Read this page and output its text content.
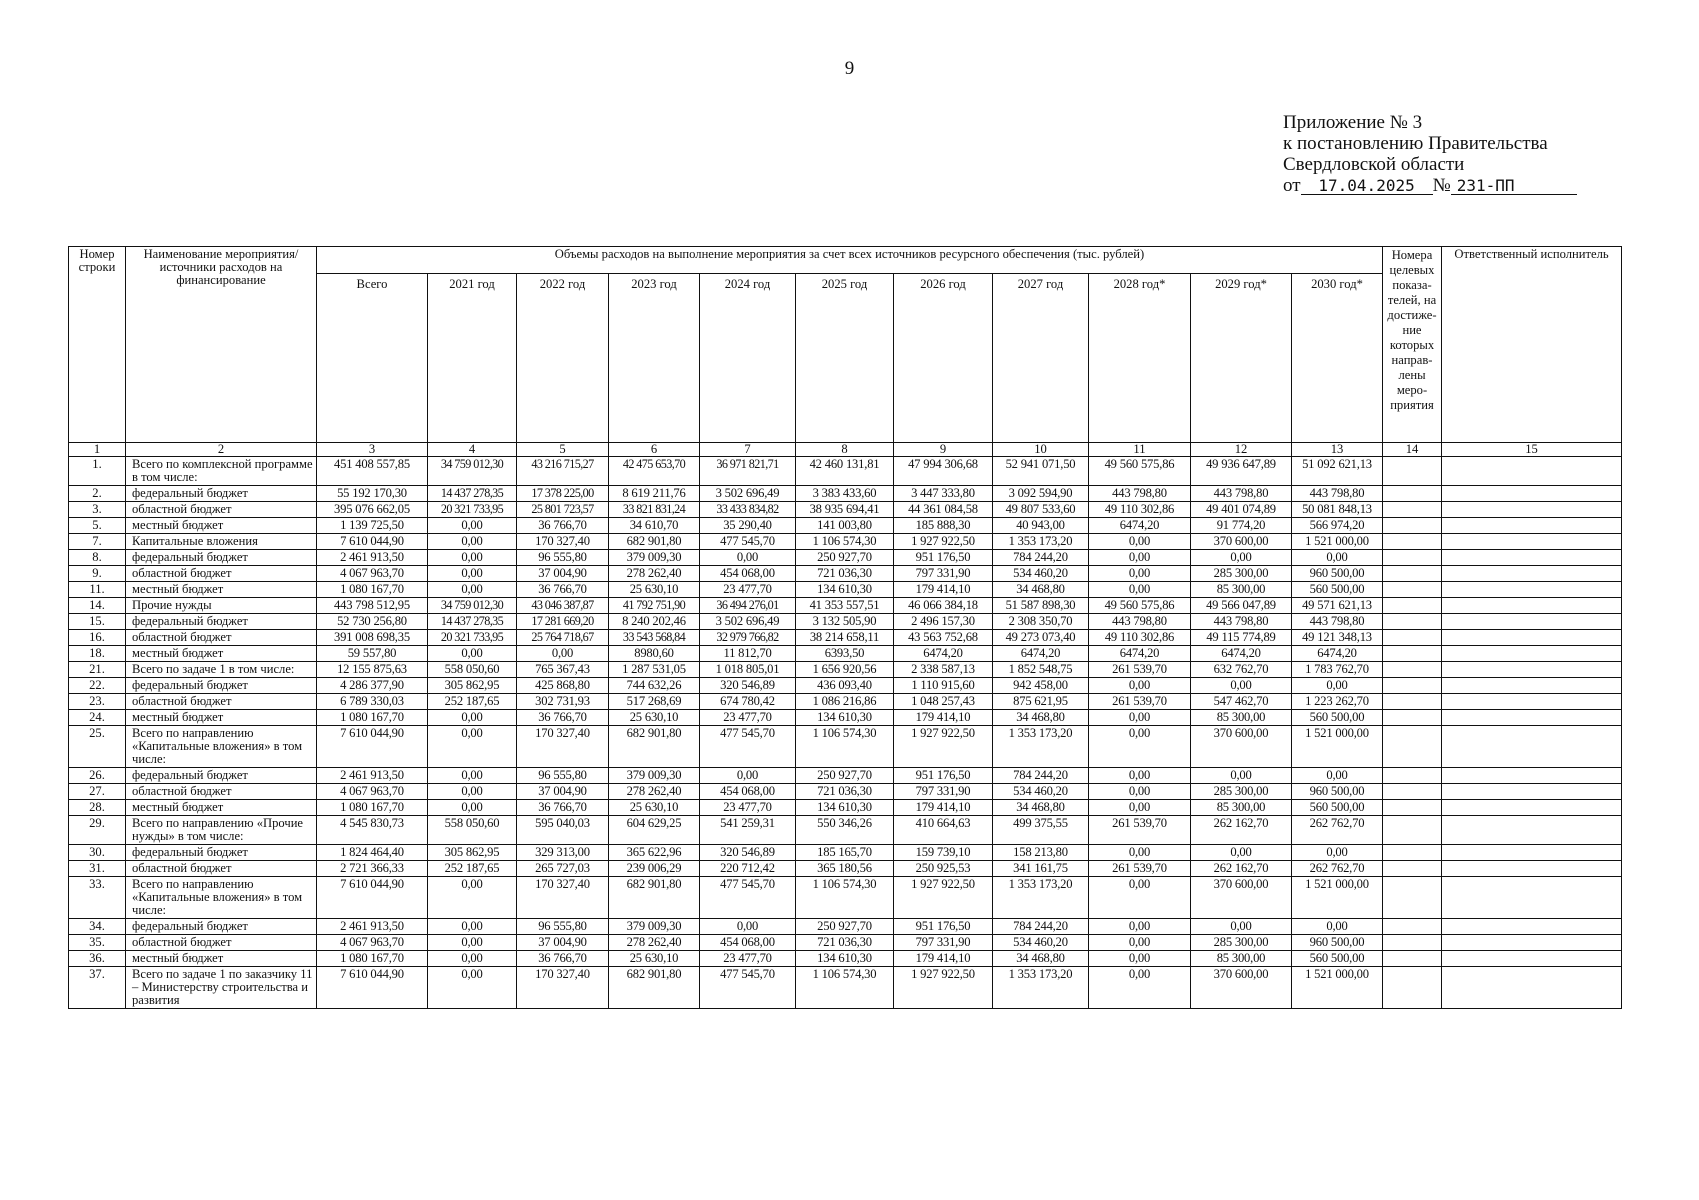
9
Приложение № 3
к постановлению Правительства
Свердловской области
от 17.04.2025 № 231-ПП
Номер строки	Наименование мероприятия/ источники расходов на финансирование	Объемы расходов на выполнение мероприятия за счет всех источников ресурсного обеспечения (тыс. рублей)											Номера целевых показа-телей, на достиже-ние которых направ-лены меро-приятия	Ответственный исполнитель
		Всего	2021 год	2022 год	2023 год	2024 год	2025 год	2026 год	2027 год	2028 год*	2029 год*	2030 год*		
1	2	3	4	5	6	7	8	9	10	11	12	13	14	15
1.	Всего по комплексной программе в том числе:	451 408 557,85	34 759 012,30	43 216 715,27	42 475 653,70	36 971 821,71	42 460 131,81	47 994 306,68	52 941 071,50	49 560 575,86	49 936 647,89	51 092 621,13		
2.	федеральный бюджет	55 192 170,30	14 437 278,35	17 378 225,00	8 619 211,76	3 502 696,49	3 383 433,60	3 447 333,80	3 092 594,90	443 798,80	443 798,80	443 798,80		
3.	областной бюджет	395 076 662,05	20 321 733,95	25 801 723,57	33 821 831,24	33 433 834,82	38 935 694,41	44 361 084,58	49 807 533,60	49 110 302,86	49 401 074,89	50 081 848,13		
5.	местный бюджет	1 139 725,50	0,00	36 766,70	34 610,70	35 290,40	141 003,80	185 888,30	40 943,00	6474,20	91 774,20	566 974,20		
7.	Капитальные вложения	7 610 044,90	0,00	170 327,40	682 901,80	477 545,70	1 106 574,30	1 927 922,50	1 353 173,20	0,00	370 600,00	1 521 000,00		
8.	федеральный бюджет	2 461 913,50	0,00	96 555,80	379 009,30	0,00	250 927,70	951 176,50	784 244,20	0,00	0,00	0,00		
9.	областной бюджет	4 067 963,70	0,00	37 004,90	278 262,40	454 068,00	721 036,30	797 331,90	534 460,20	0,00	285 300,00	960 500,00		
11.	местный бюджет	1 080 167,70	0,00	36 766,70	25 630,10	23 477,70	134 610,30	179 414,10	34 468,80	0,00	85 300,00	560 500,00		
14.	Прочие нужды	443 798 512,95	34 759 012,30	43 046 387,87	41 792 751,90	36 494 276,01	41 353 557,51	46 066 384,18	51 587 898,30	49 560 575,86	49 566 047,89	49 571 621,13		
15.	федеральный бюджет	52 730 256,80	14 437 278,35	17 281 669,20	8 240 202,46	3 502 696,49	3 132 505,90	2 496 157,30	2 308 350,70	443 798,80	443 798,80	443 798,80		
16.	областной бюджет	391 008 698,35	20 321 733,95	25 764 718,67	33 543 568,84	32 979 766,82	38 214 658,11	43 563 752,68	49 273 073,40	49 110 302,86	49 115 774,89	49 121 348,13		
18.	местный бюджет	59 557,80	0,00	0,00	8980,60	11 812,70	6393,50	6474,20	6474,20	6474,20	6474,20	6474,20		
21.	Всего по задаче 1 в том числе:	12 155 875,63	558 050,60	765 367,43	1 287 531,05	1 018 805,01	1 656 920,56	2 338 587,13	1 852 548,75	261 539,70	632 762,70	1 783 762,70		
22.	федеральный бюджет	4 286 377,90	305 862,95	425 868,80	744 632,26	320 546,89	436 093,40	1 110 915,60	942 458,00	0,00	0,00	0,00		
23.	областной бюджет	6 789 330,03	252 187,65	302 731,93	517 268,69	674 780,42	1 086 216,86	1 048 257,43	875 621,95	261 539,70	547 462,70	1 223 262,70		
24.	местный бюджет	1 080 167,70	0,00	36 766,70	25 630,10	23 477,70	134 610,30	179 414,10	34 468,80	0,00	85 300,00	560 500,00		
25.	Всего по направлению «Капитальные вложения» в том числе:	7 610 044,90	0,00	170 327,40	682 901,80	477 545,70	1 106 574,30	1 927 922,50	1 353 173,20	0,00	370 600,00	1 521 000,00		
26.	федеральный бюджет	2 461 913,50	0,00	96 555,80	379 009,30	0,00	250 927,70	951 176,50	784 244,20	0,00	0,00	0,00		
27.	областной бюджет	4 067 963,70	0,00	37 004,90	278 262,40	454 068,00	721 036,30	797 331,90	534 460,20	0,00	285 300,00	960 500,00		
28.	местный бюджет	1 080 167,70	0,00	36 766,70	25 630,10	23 477,70	134 610,30	179 414,10	34 468,80	0,00	85 300,00	560 500,00		
29.	Всего по направлению «Прочие нужды» в том числе:	4 545 830,73	558 050,60	595 040,03	604 629,25	541 259,31	550 346,26	410 664,63	499 375,55	261 539,70	262 162,70	262 762,70		
30.	федеральный бюджет	1 824 464,40	305 862,95	329 313,00	365 622,96	320 546,89	185 165,70	159 739,10	158 213,80	0,00	0,00	0,00		
31.	областной бюджет	2 721 366,33	252 187,65	265 727,03	239 006,29	220 712,42	365 180,56	250 925,53	341 161,75	261 539,70	262 162,70	262 762,70		
33.	Всего по направлению «Капитальные вложения» в том числе:	7 610 044,90	0,00	170 327,40	682 901,80	477 545,70	1 106 574,30	1 927 922,50	1 353 173,20	0,00	370 600,00	1 521 000,00		
34.	федеральный бюджет	2 461 913,50	0,00	96 555,80	379 009,30	0,00	250 927,70	951 176,50	784 244,20	0,00	0,00	0,00		
35.	областной бюджет	4 067 963,70	0,00	37 004,90	278 262,40	454 068,00	721 036,30	797 331,90	534 460,20	0,00	285 300,00	960 500,00		
36.	местный бюджет	1 080 167,70	0,00	36 766,70	25 630,10	23 477,70	134 610,30	179 414,10	34 468,80	0,00	85 300,00	560 500,00		
37.	Всего по задаче 1 по заказчику 11 – Министерству строительства и развития	7 610 044,90	0,00	170 327,40	682 901,80	477 545,70	1 106 574,30	1 927 922,50	1 353 173,20	0,00	370 600,00	1 521 000,00		
